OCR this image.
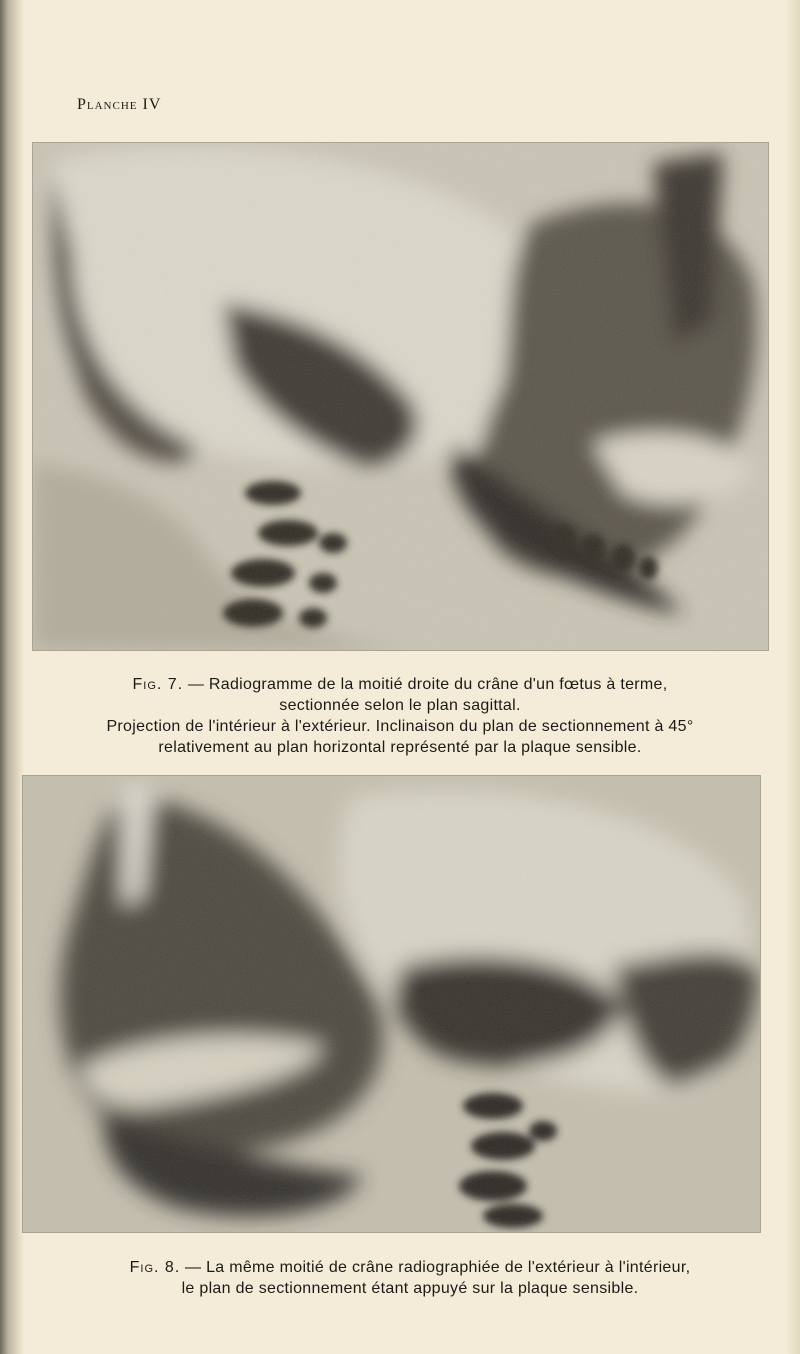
Planche IV
Fig. 7. — Radiogramme de la moitié droite du crâne d'un fœtus à terme,
sectionnée selon le plan sagittal.
Projection de l'intérieur à l'extérieur. Inclinaison du plan de sectionnement à 45°
relativement au plan horizontal représenté par la plaque sensible.
Fig. 8. — La même moitié de crâne radiographiée de l'extérieur à l'intérieur,
le plan de sectionnement étant appuyé sur la plaque sensible.
